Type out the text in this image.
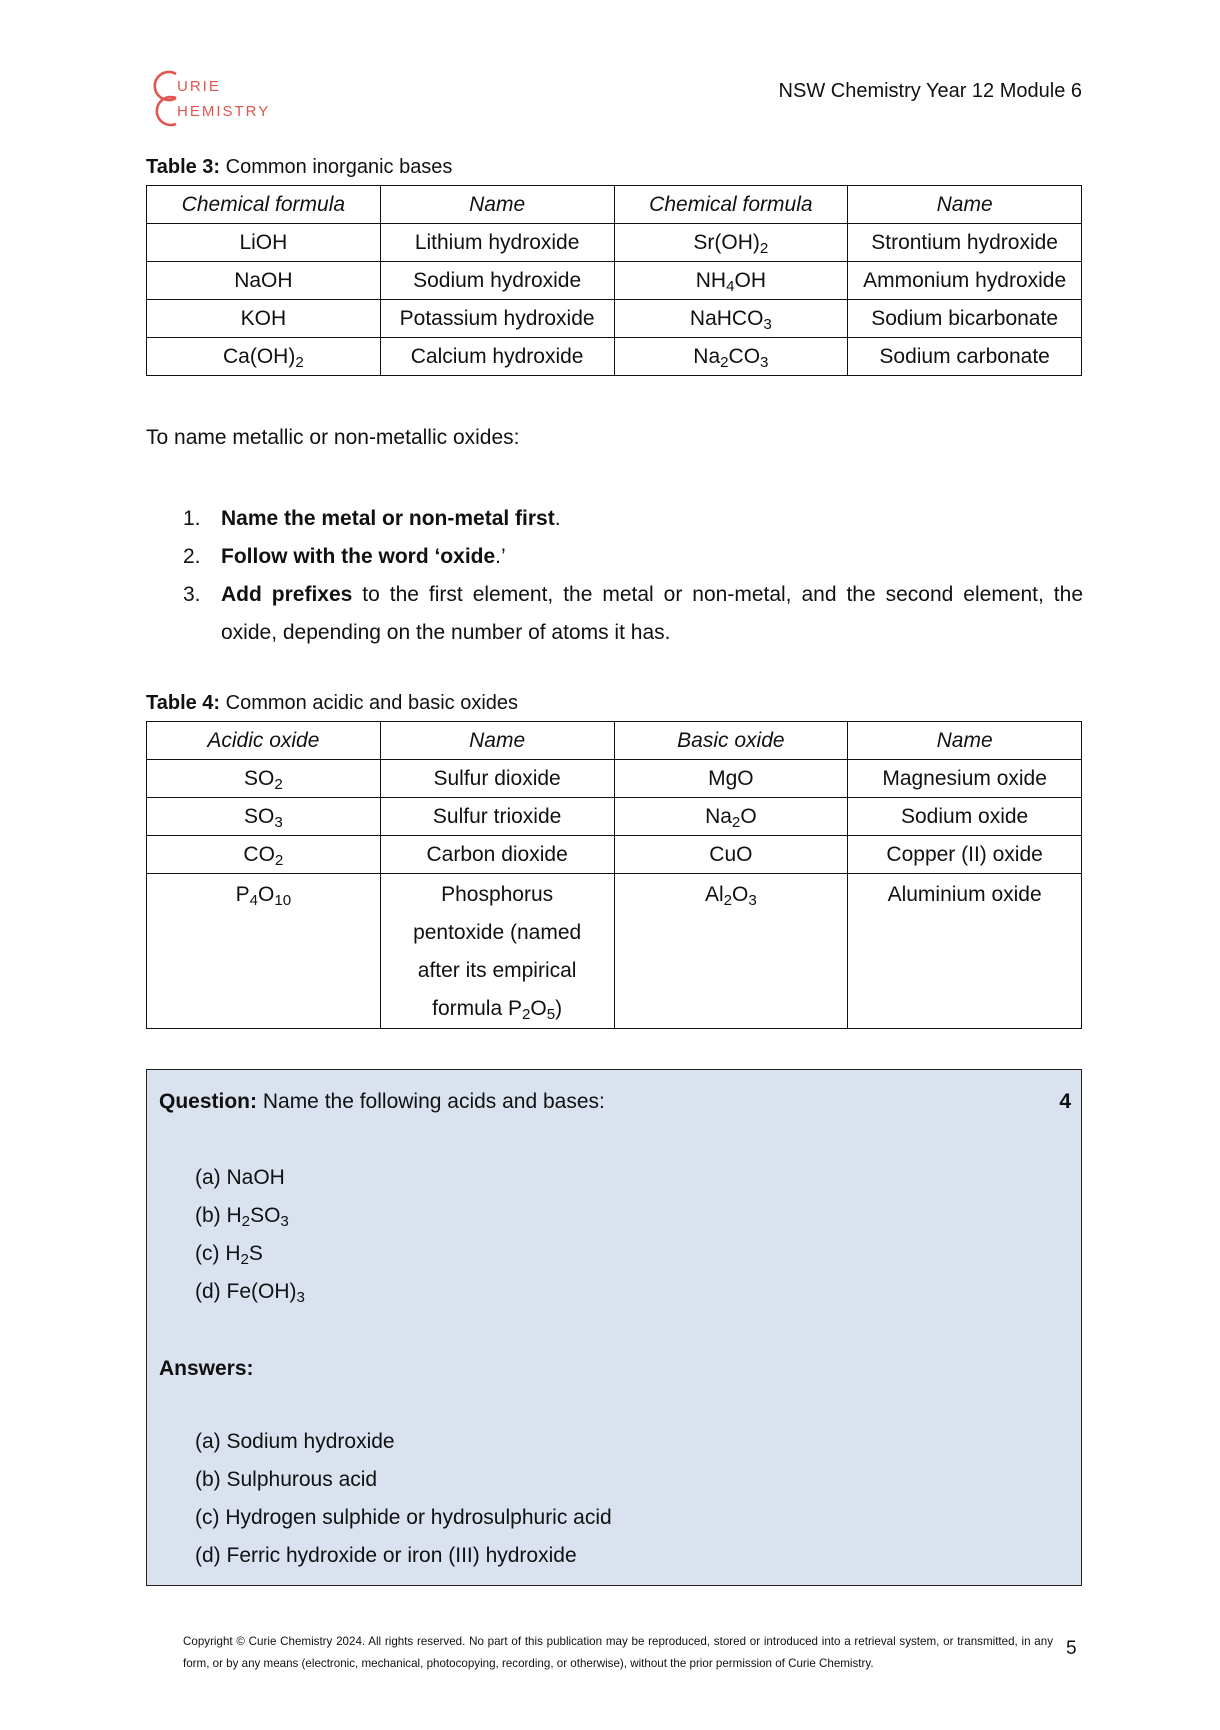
URIE
HEMISTRY
NSW Chemistry Year 12 Module 6
Table 3: Common inorganic bases
Chemical formula	Name	Chemical formula	Name
LiOH	Lithium hydroxide	$Sr(OH)_2$	Strontium hydroxide
NaOH	Sodium hydroxide	$NH_4OH$	Ammonium hydroxide
KOH	Potassium hydroxide	NaHCO$_3$	Sodium bicarbonate
$Ca(OH)_2$	Calcium hydroxide	$Na_2CO_3$	Sodium carbonate
To name metallic or non-metallic oxides:
1. Name the metal or non-metal first.
2. Follow with the word ‘oxide.’
3. Add prefixes to the first element, the metal or non-metal, and the second element, the oxide, depending on the number of atoms it has.
Table 4: Common acidic and basic oxides
Acidic oxide	Name	Basic oxide	Name
$SO_2$	Sulfur dioxide	MgO	Magnesium oxide
$SO_3$	Sulfur trioxide	$Na_2O$	Sodium oxide
$CO_2$	Carbon dioxide	CuO	Copper (II) oxide
$P_4O_{10}$	Phosphorus
pentoxide (named
after its empirical
formula $P_2O_5$)	$Al_2O_3$	Aluminium oxide
Question: Name the following acids and bases:	4
(a) NaOH
(b) $H_2SO_3$
(c) $H_2S$
(d) $Fe(OH)_3$
Answers:
(a) Sodium hydroxide
(b) Sulphurous acid
(c) Hydrogen sulphide or hydrosulphuric acid
(d) Ferric hydroxide or iron (III) hydroxide
Copyright © Curie Chemistry 2024. All rights reserved. No part of this publication may be reproduced, stored or introduced into a retrieval system, or transmitted, in any form, or by any means (electronic, mechanical, photocopying, recording, or otherwise), without the prior permission of Curie Chemistry.
5
